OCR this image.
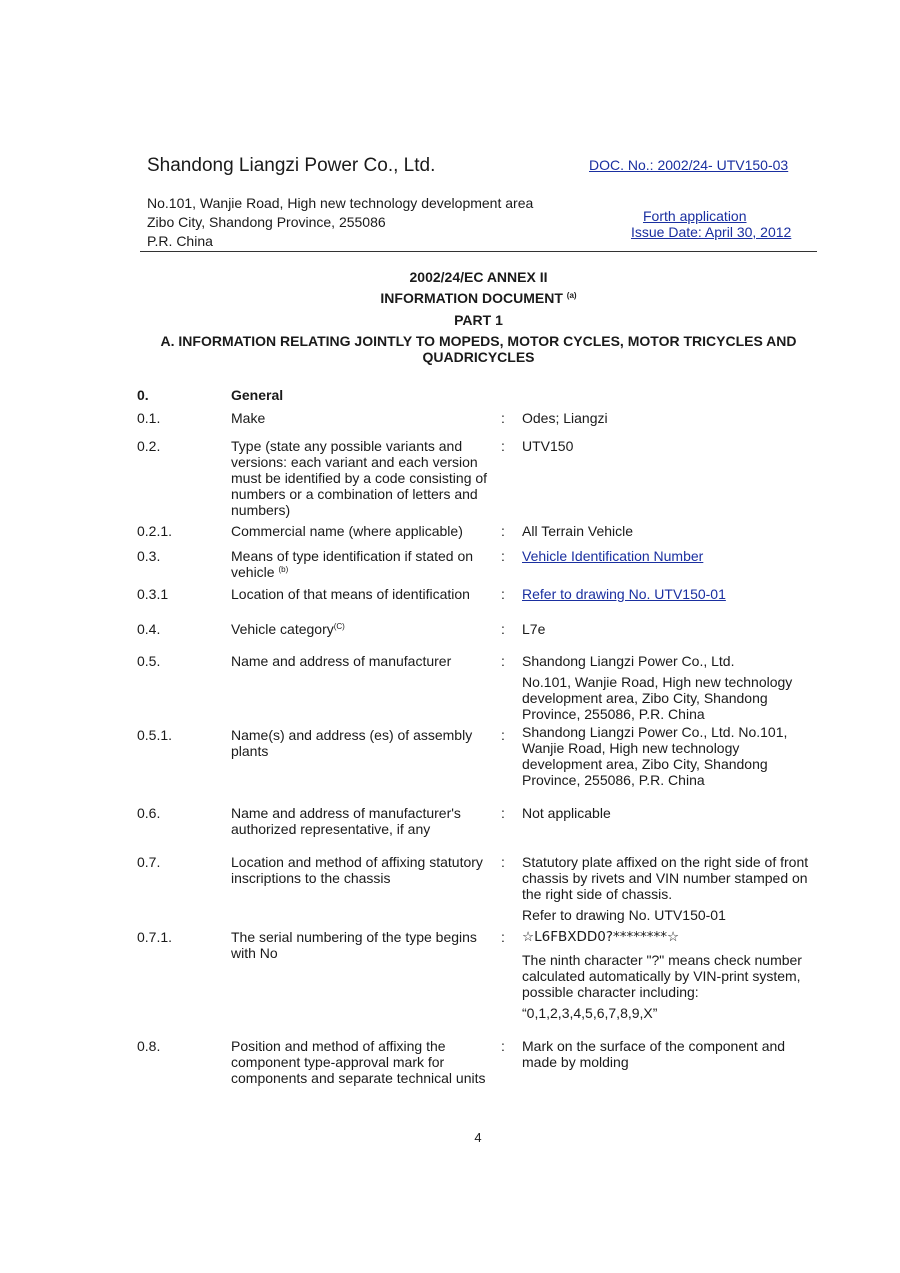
Shandong Liangzi Power Co., Ltd.	DOC. No.: 2002/24- UTV150-03
No.101, Wanjie Road, High new technology development area
Zibo City, Shandong Province, 255086
P.R. China
Forth application
Issue Date: April 30, 2012
2002/24/EC ANNEX II
INFORMATION DOCUMENT $^{(a)}$
PART 1
A. INFORMATION RELATING JOINTLY TO MOPEDS, MOTOR CYCLES, MOTOR TRICYCLES AND
QUADRICYCLES
0.	General
0.1.	Make	: Odes; Liangzi
0.2.	Type (state any possible variants and versions: each variant and each version must be identified by a code consisting of numbers or a combination of letters and numbers)
: UTV150
0.2.1.	Commercial name (where applicable)	: All Terrain Vehicle
0.3.	Means of type identification if stated on vehicle $^{(b)}$
: Vehicle Identification Number
0.3.1	Location of that means of identification	: Refer to drawing No. UTV150-01
0.4.	Vehicle category$^{(C)}$	: L7e
0.5.	Name and address of manufacturer	: Shandong Liangzi Power Co., Ltd.
No.101, Wanjie Road, High new technology development area, Zibo City, Shandong Province, 255086, P.R. China
0.5.1.	Name(s) and address (es) of assembly plants
: Shandong Liangzi Power Co., Ltd. No.101, Wanjie Road, High new technology development area, Zibo City, Shandong Province, 255086, P.R. China
0.6.	Name and address of manufacturer's authorized representative, if any
: Not applicable
0.7.	Location and method of affixing statutory inscriptions to the chassis
: Statutory plate affixed on the right side of front chassis by rivets and VIN number stamped on the right side of chassis.
Refer to drawing No. UTV150-01
0.7.1.	The serial numbering of the type begins with No
: ☆L6FBXDD0?********☆
The ninth character "?" means check number calculated automatically by VIN-print system, possible character including:
“0,1,2,3,4,5,6,7,8,9,X”
0.8.	Position and method of affixing the component type-approval mark for components and separate technical units
: Mark on the surface of the component and made by molding
4
